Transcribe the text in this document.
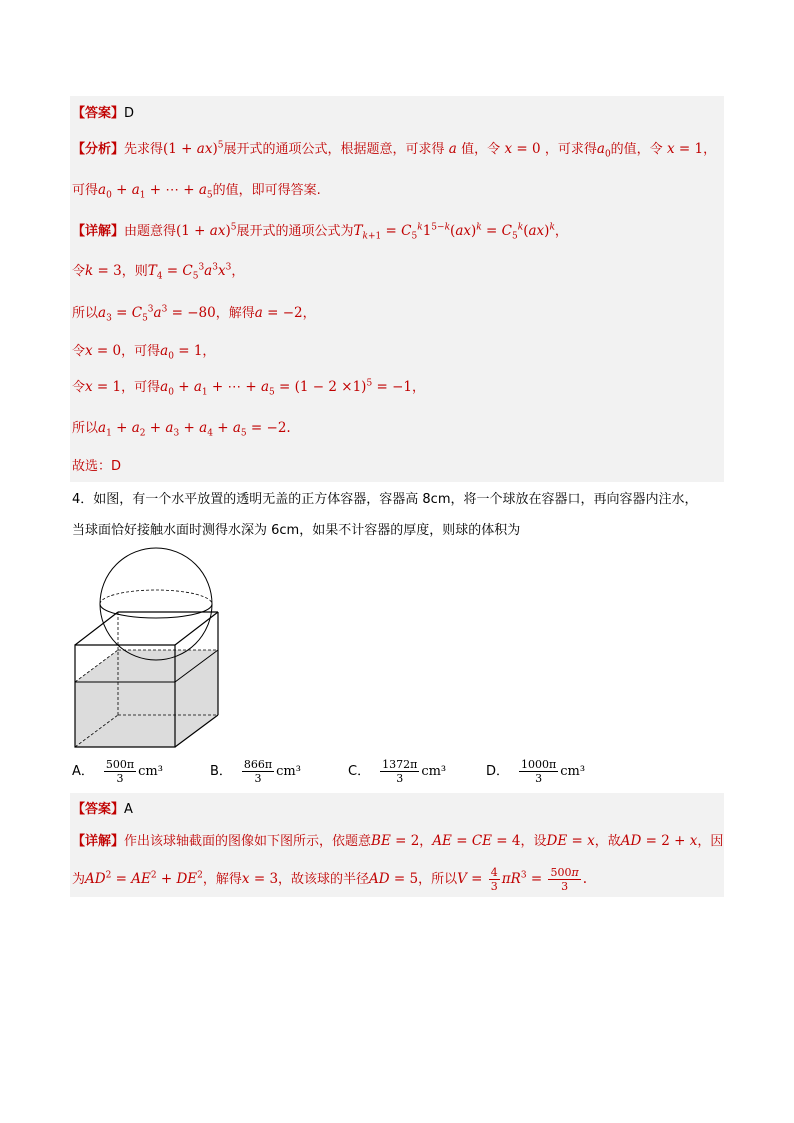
【答案】D
【分析】先求得(1 + ax)$^5$展开式的通项公式，根据题意，可求得 a 值，令 x = 0 ，可求得$a_0$的值，令 x = 1，
可得$a_0 + a_1$ + ⋯ + $a_5$的值，即可得答案.
【详解】由题意得(1 + ax)$^5$展开式的通项公式为$T_{k+1} = C_5^k1^{5-k}(ax)^k = C_5^k(ax)^k$，
令k = 3，则$T_4 = C_5^3a^3x^3$，
所以$a_3 = C_5^3a^3 = -80$，解得a = −2，
令x = 0，可得$a_0 = 1$，
令x = 1，可得$a_0 + a_1$ + ⋯ + $a_5 = (1 - 2 \times 1)^5 = -1$，
所以$a_1 + a_2 + a_3 + a_4 + a_5 = -2$.
故选：D
4．如图，有一个水平放置的透明无盖的正方体容器，容器高 8cm，将一个球放在容器口，再向容器内注水，
当球面恰好接触水面时测得水深为 6cm，如果不计容器的厚度，则球的体积为
A． $\frac{500\pi}{3} cm^3$	B． $\frac{866\pi}{3} cm^3$	C． $\frac{1372\pi}{3} cm^3$	D． $\frac{1000\pi}{3} cm^3$
【答案】A
【详解】作出该球轴截面的图像如下图所示，依题意BE = 2，AE = CE = 4，设DE = x，故AD = 2 + x，因
为$AD^2 = AE^2 + DE^2$，解得x = 3，故该球的半径AD = 5，所以$V = \frac{4}{3} \pi R^3 = \frac{500\pi}{3}$ .
